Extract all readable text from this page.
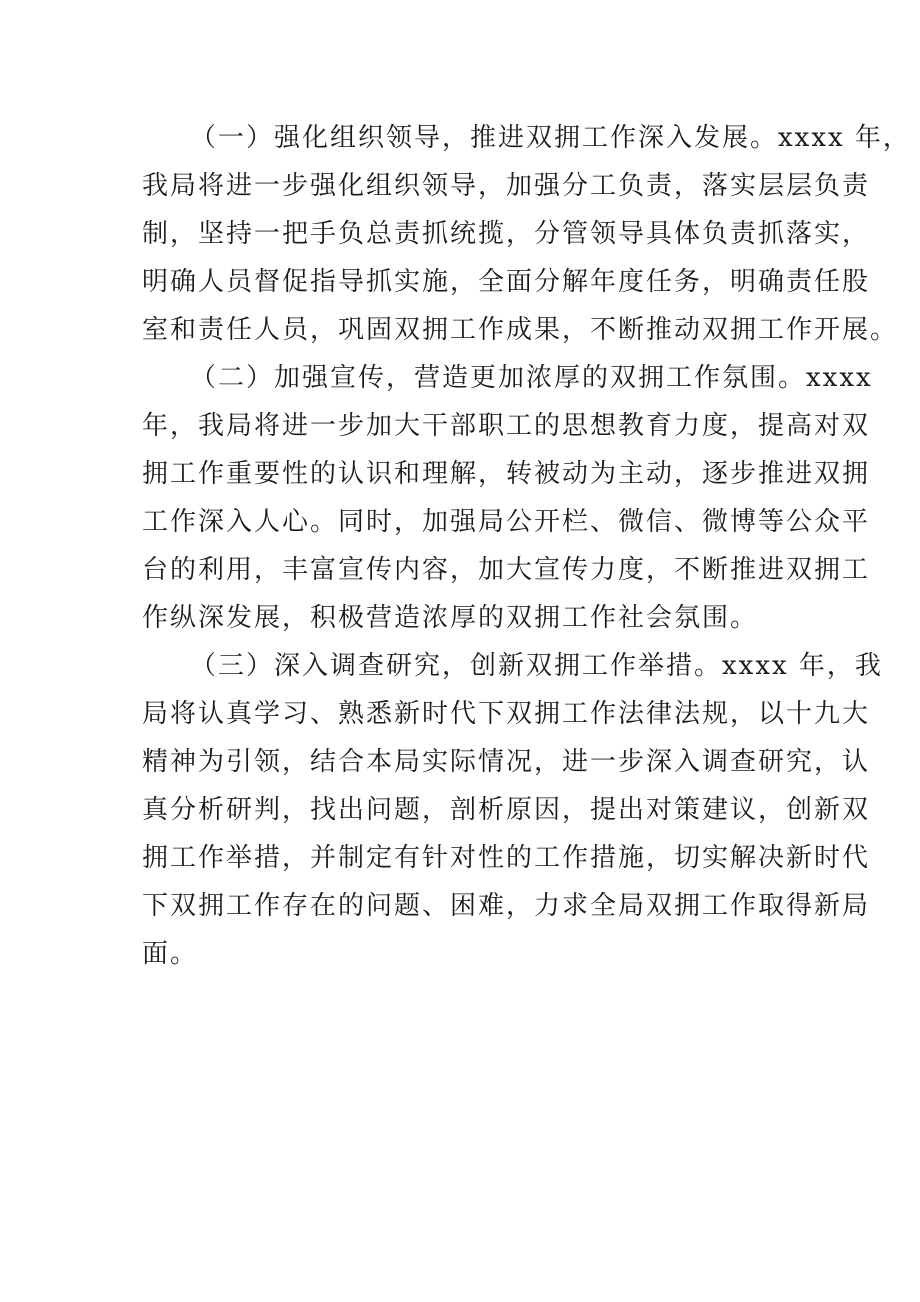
（一）强化组织领导，推进双拥工作深入发展。xxxx 年，
我局将进一步强化组织领导，加强分工负责，落实层层负责
制，坚持一把手负总责抓统揽，分管领导具体负责抓落实，
明确人员督促指导抓实施，全面分解年度任务，明确责任股
室和责任人员，巩固双拥工作成果，不断推动双拥工作开展。
（二）加强宣传，营造更加浓厚的双拥工作氛围。xxxx
年，我局将进一步加大干部职工的思想教育力度，提高对双
拥工作重要性的认识和理解，转被动为主动，逐步推进双拥
工作深入人心。同时，加强局公开栏、微信、微博等公众平
台的利用，丰富宣传内容，加大宣传力度，不断推进双拥工
作纵深发展，积极营造浓厚的双拥工作社会氛围。
（三）深入调查研究，创新双拥工作举措。xxxx 年，我
局将认真学习、熟悉新时代下双拥工作法律法规，以十九大
精神为引领，结合本局实际情况，进一步深入调查研究，认
真分析研判，找出问题，剖析原因，提出对策建议，创新双
拥工作举措，并制定有针对性的工作措施，切实解决新时代
下双拥工作存在的问题、困难，力求全局双拥工作取得新局
面。
